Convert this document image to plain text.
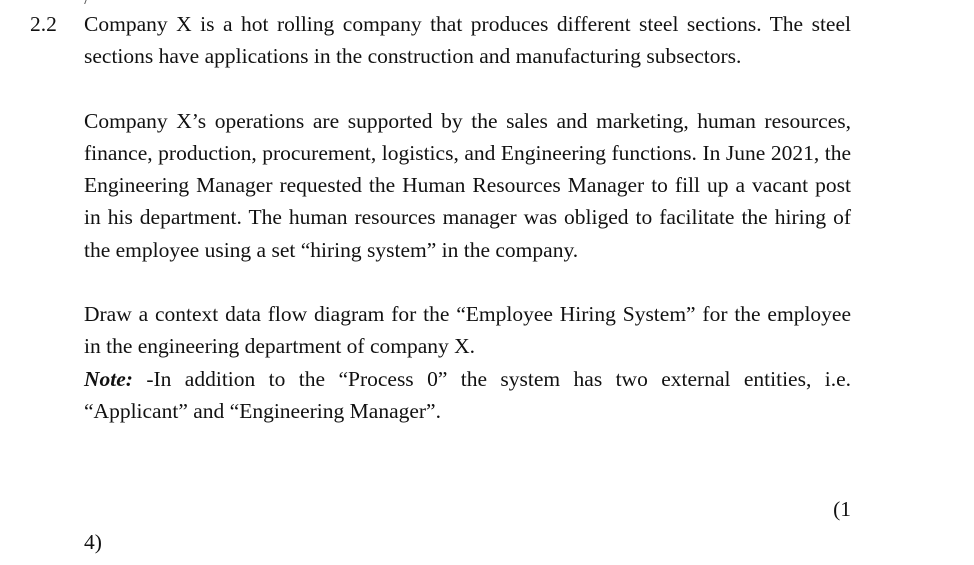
2.2 Company X is a hot rolling company that produces different steel sections. The steel sections have applications in the construction and manufacturing subsectors.

Company X’s operations are supported by the sales and marketing, human resources, finance, production, procurement, logistics, and Engineering functions. In June 2021, the Engineering Manager requested the Human Resources Manager to fill up a vacant post in his department. The human resources manager was obliged to facilitate the hiring of the employee using a set “hiring system” in the company.

Draw a context data flow diagram for the “Employee Hiring System” for the employee in the engineering department of company X.

Note: -In addition to the “Process 0” the system has two external entities, i.e. “Applicant” and “Engineering Manager”.

(1
4)
